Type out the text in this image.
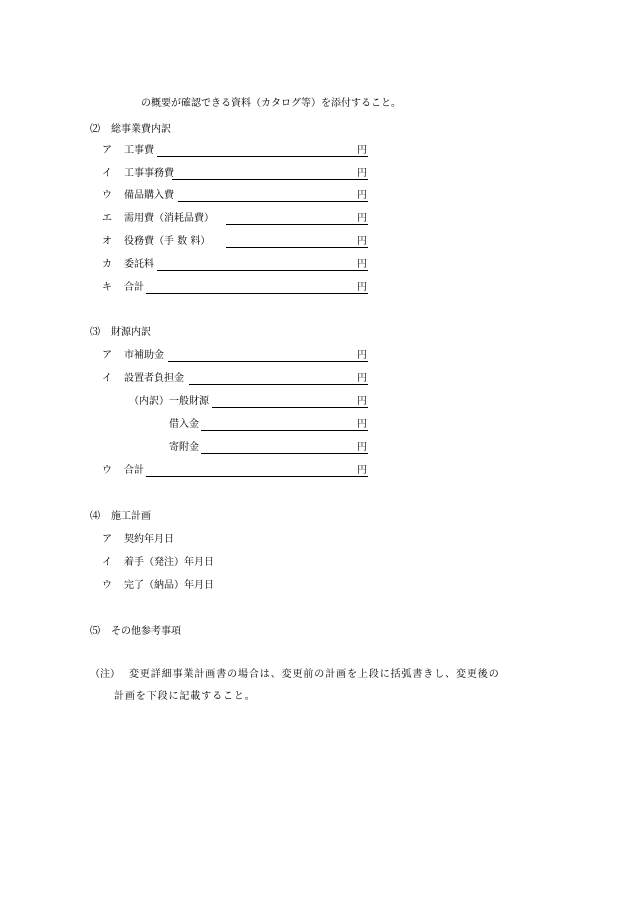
の概要が確認できる資料（カタログ等）を添付すること。
⑵ 総事業費内訳
ア 工事費	円
イ 工事事務費	円
ウ 備品購入費	円
エ 需用費（消耗品費）	円
オ 役務費（手 数 料）	円
カ 委託料	円
キ 合計	円
⑶ 財源内訳
ア 市補助金	円
イ 設置者負担金	円
（内訳） 一般財源	円
借入金	円
寄附金	円
ウ 合計	円
⑷ 施工計画
ア 契約年月日
イ 着手（発注）年月日
ウ 完了（納品）年月日
⑸ その他参考事項
（注） 変更詳細事業計画書の場合は、変更前の計画を上段に括弧書きし、変更後の
計画を下段に記載すること。
